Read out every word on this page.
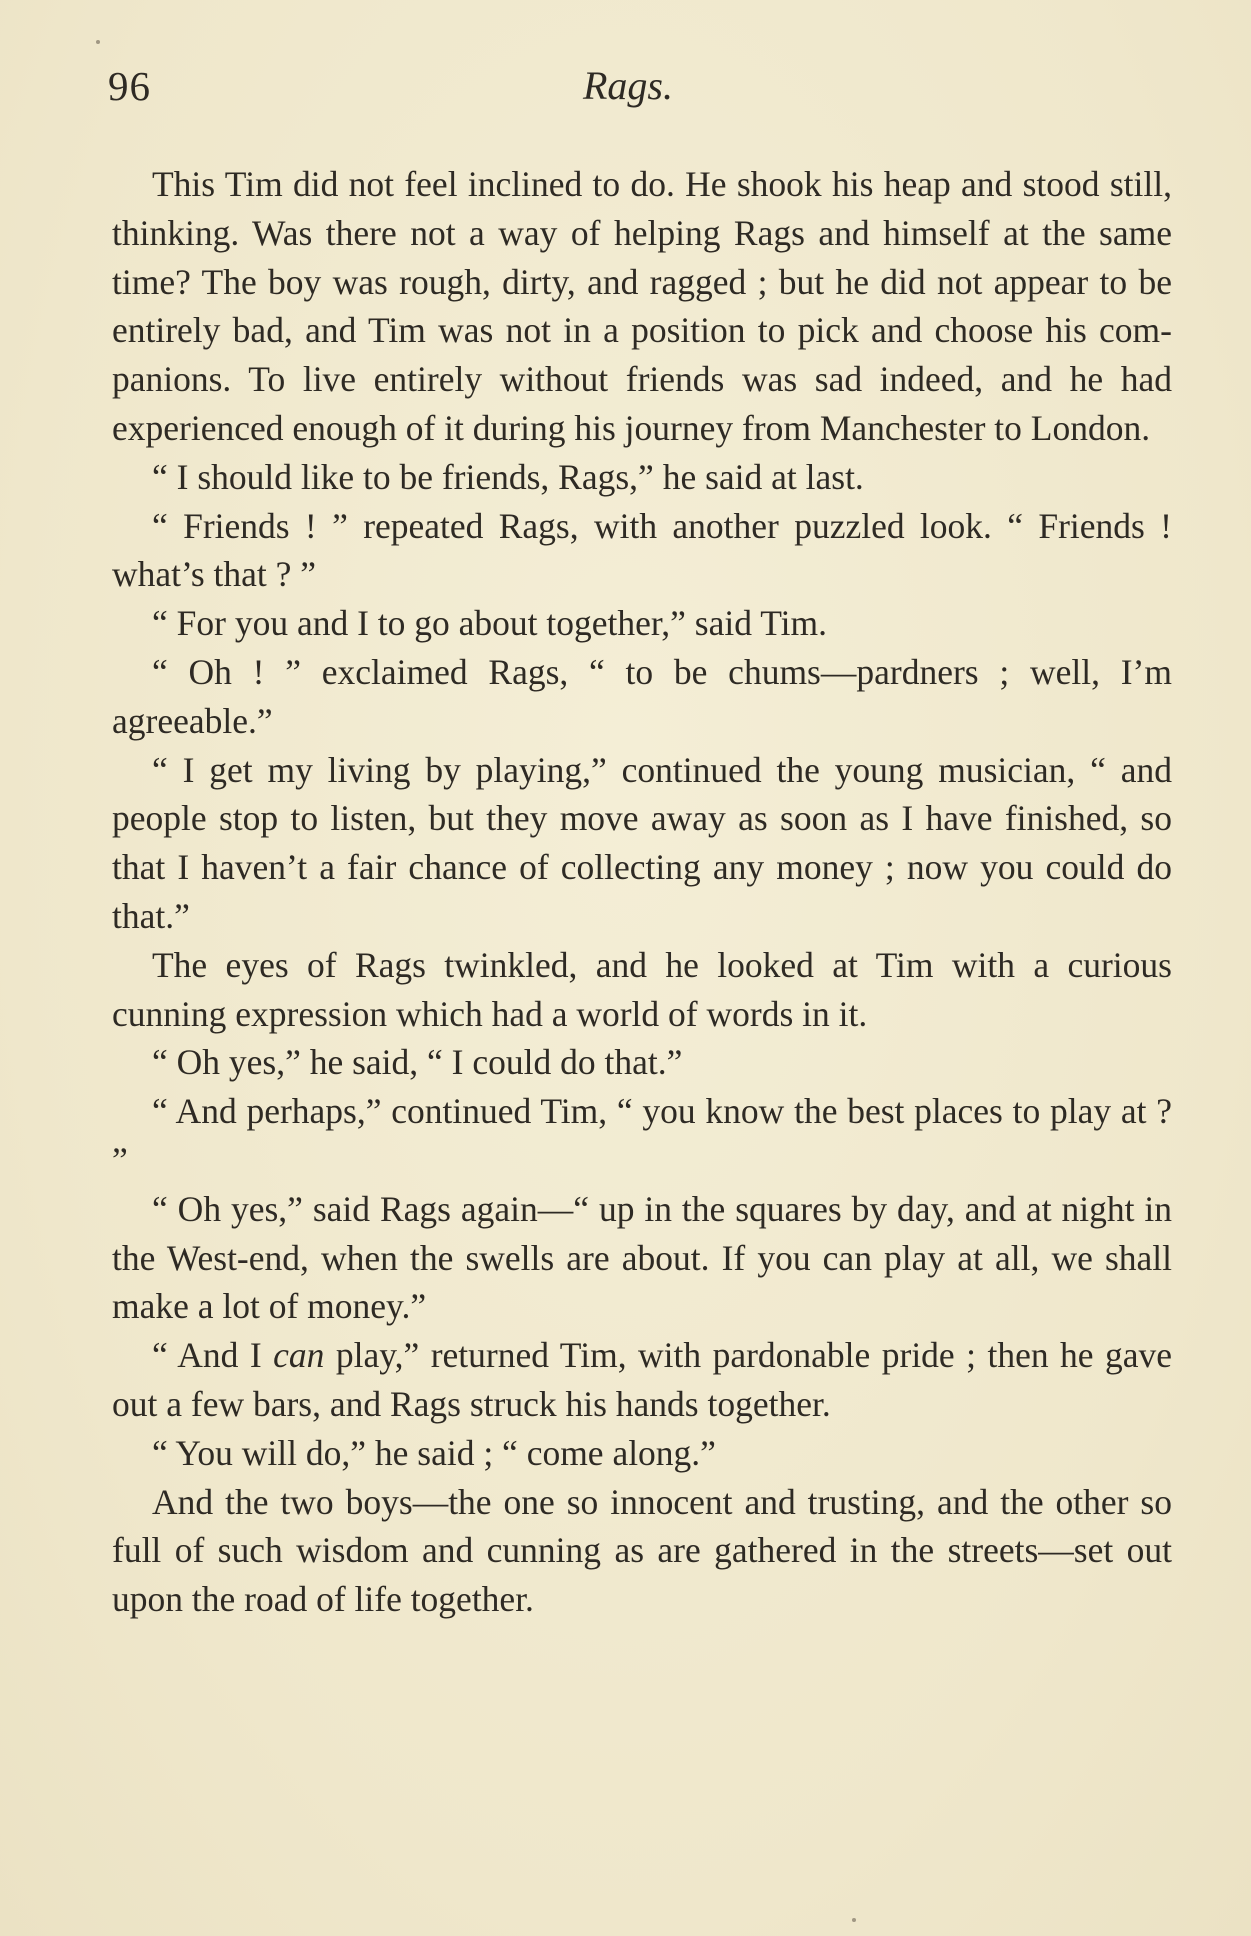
96	Rags.

This Tim did not feel inclined to do. He shook his heap and stood still, thinking. Was there not a way of helping Rags and himself at the same time? The boy was rough, dirty, and ragged ; but he did not appear to be entirely bad, and Tim was not in a position to pick and choose his com-panions. To live entirely without friends was sad indeed, and he had experienced enough of it during his journey from Manchester to London.

“ I should like to be friends, Rags,” he said at last.

“ Friends ! ” repeated Rags, with another puzzled look. “ Friends ! what’s that ? ”

“ For you and I to go about together,” said Tim.

“ Oh ! ” exclaimed Rags, “ to be chums—pardners ; well, I’m agreeable.”

“ I get my living by playing,” continued the young musician, “ and people stop to listen, but they move away as soon as I have finished, so that I haven’t a fair chance of collecting any money ; now you could do that.”

The eyes of Rags twinkled, and he looked at Tim with a curious cunning expression which had a world of words in it.

“ Oh yes,” he said, “ I could do that.”

“ And perhaps,” continued Tim, “ you know the best places to play at ? ”

“ Oh yes,” said Rags again—“ up in the squares by day, and at night in the West-end, when the swells are about. If you can play at all, we shall make a lot of money.”

“ And I can play,” returned Tim, with pardonable pride ; then he gave out a few bars, and Rags struck his hands together.

“ You will do,” he said ; “ come along.”

And the two boys—the one so innocent and trusting, and the other so full of such wisdom and cunning as are gathered in the streets—set out upon the road of life together.
